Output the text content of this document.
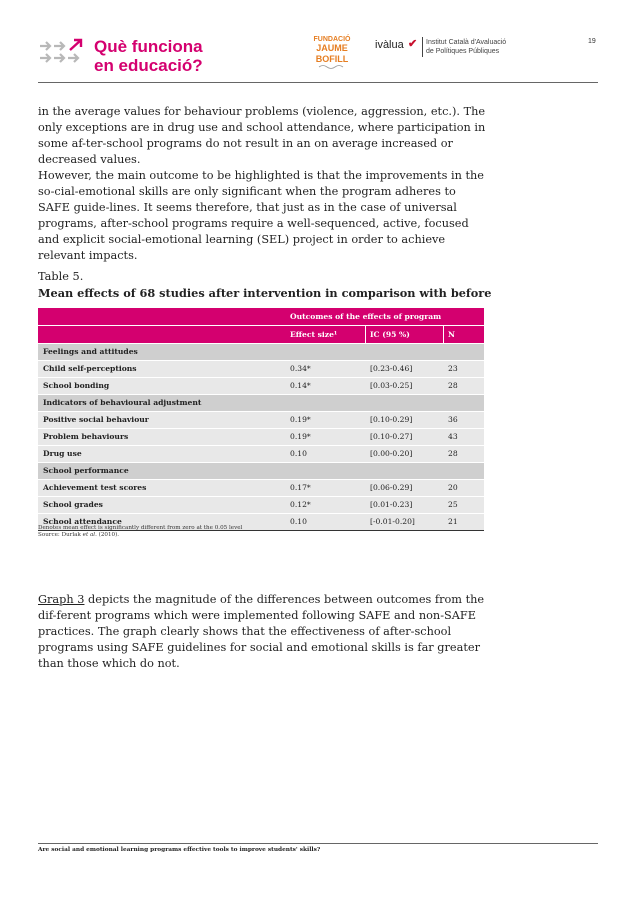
Què funciona
en educació?
FUNDACIÓ
JAUME
BOFILL
ivàlua ✔ Institut Català d'Avaluació
de Polítiques Públiques
19
in the average values for behaviour problems (violence, aggression, etc.). The only exceptions are in drug use and school attendance, where participation in some af-ter-school programs do not result in an on average increased or decreased values.
However, the main outcome to be highlighted is that the improvements in the so-cial-emotional skills are only significant when the program adheres to SAFE guide-lines. It seems therefore, that just as in the case of universal programs, after-school programs require a well-sequenced, active, focused and explicit social-emotional learning (SEL) project in order to achieve relevant impacts.
Table 5.
Mean effects of 68 studies after intervention in comparison with before
Outcomes of the effects of program
Effect size¹	IC (95 %)	N
Feelings and attitudes
Child self-perceptions	0.34*	[0.23-0.46]	23
School bonding	0.14*	[0.03-0.25]	28
Indicators of behavioural adjustment
Positive social behaviour	0.19*	[0.10-0.29]	36
Problem behaviours	0.19*	[0.10-0.27]	43
Drug use	0.10	[0.00-0.20]	28
School performance
Achievement test scores	0.17*	[0.06-0.29]	20
School grades	0.12*	[0.01-0.23]	25
School attendance	0.10	[-0.01-0.20]	21
Denotes mean effect is significantly different from zero at the 0.05 level
Source: Durlak et al. (2010).
Graph 3 depicts the magnitude of the differences between outcomes from the dif-ferent programs which were implemented following SAFE and non-SAFE practices. The graph clearly shows that the effectiveness of after-school programs using SAFE guidelines for social and emotional skills is far greater than those which do not.
Are social and emotional learning programs effective tools to improve students' skills?
